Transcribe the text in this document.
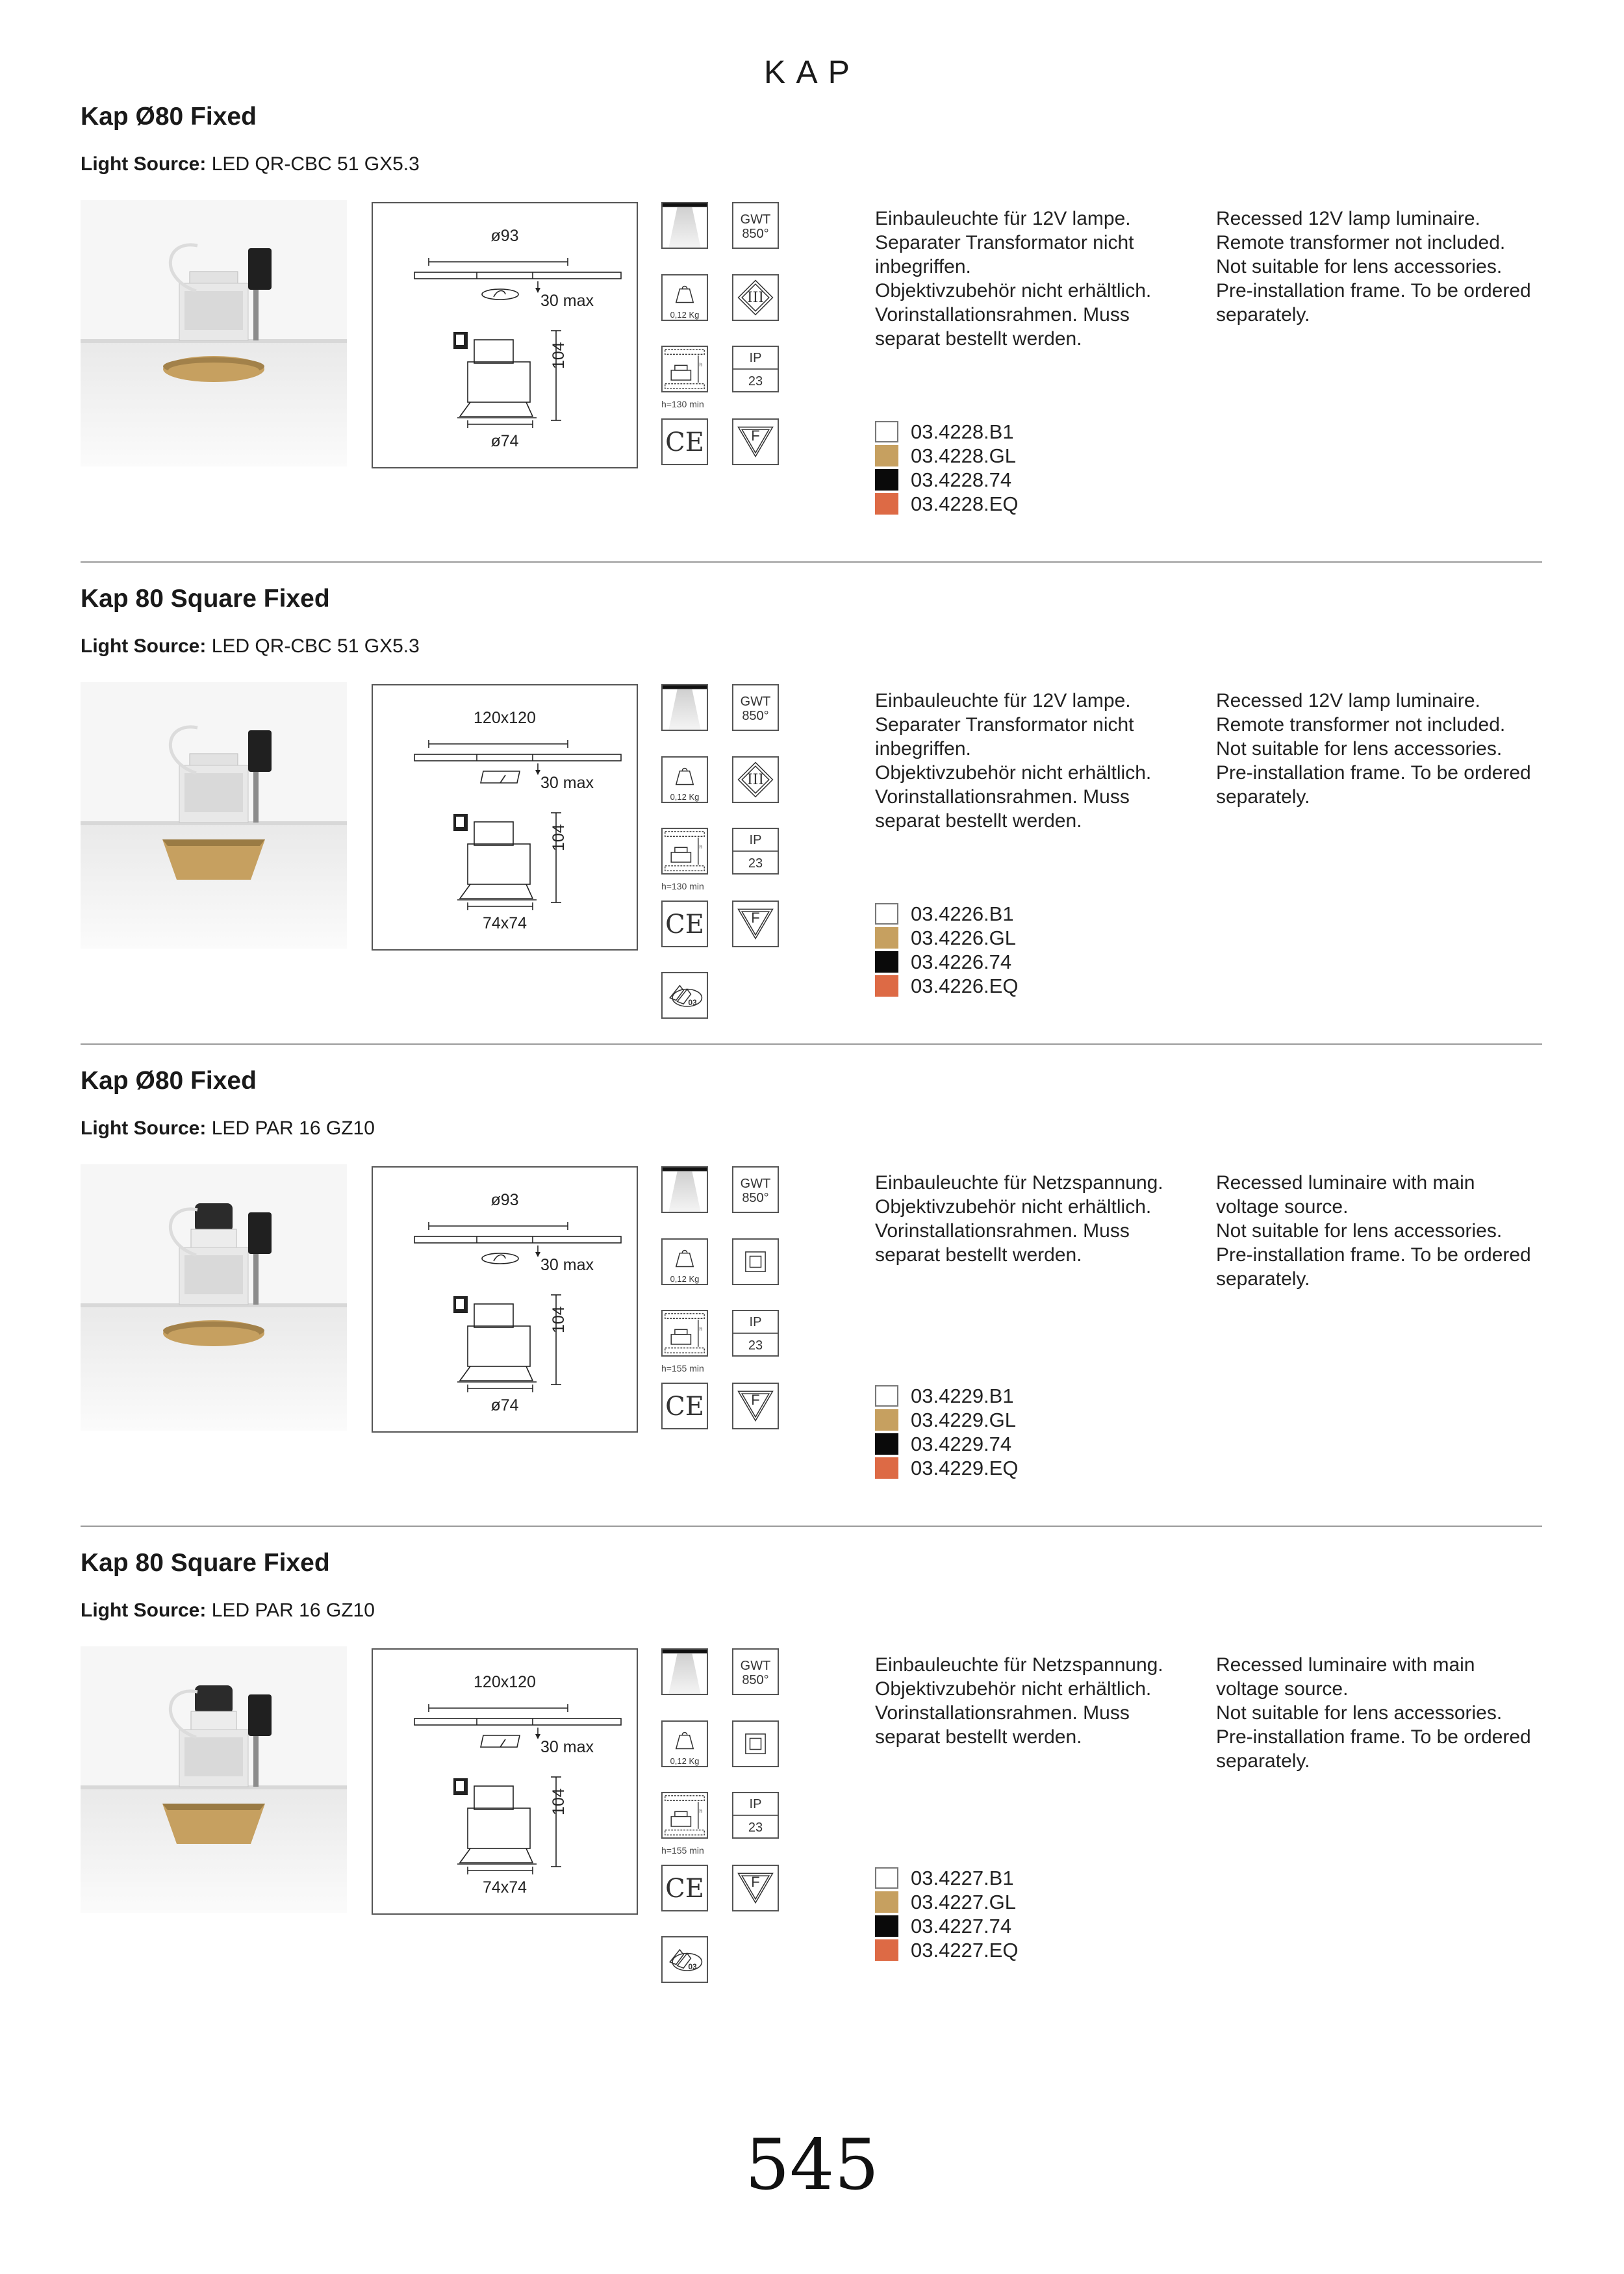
KAP
Kap Ø80 Fixed
Light Source: LED QR-CBC 51 GX5.3
ø93
30 max
104
ø74
GWT
850°
0,12 Kg
III
h	IP
23
CE	F
h=130 min
Einbauleuchte für 12V lampe.
Separater Transformator nicht
inbegriffen.
Objektivzubehör nicht erhältlich.
Vorinstallationsrahmen. Muss
separat bestellt werden.
Recessed 12V lamp luminaire.
Remote transformer not included.
Not suitable for lens accessories.
Pre-installation frame. To be ordered
separately.
03.4228.B1
03.4228.GL
03.4228.74
03.4228.EQ
Kap 80 Square Fixed
Light Source: LED QR-CBC 51 GX5.3
120x120
30 max
104
74x74
GWT
850°
0,12 Kg
III
h	IP
23
CE	F
03
h=130 min
Einbauleuchte für 12V lampe.
Separater Transformator nicht
inbegriffen.
Objektivzubehör nicht erhältlich.
Vorinstallationsrahmen. Muss
separat bestellt werden.
Recessed 12V lamp luminaire.
Remote transformer not included.
Not suitable for lens accessories.
Pre-installation frame. To be ordered
separately.
03.4226.B1
03.4226.GL
03.4226.74
03.4226.EQ
Kap Ø80 Fixed
Light Source: LED PAR 16 GZ10
ø93
30 max
104
ø74
GWT
850°
0,12 Kg
h	IP
23
CE	F
h=155 min
Einbauleuchte für Netzspannung.
Objektivzubehör nicht erhältlich.
Vorinstallationsrahmen. Muss
separat bestellt werden.
Recessed luminaire with main
voltage source.
Not suitable for lens accessories.
Pre-installation frame. To be ordered
separately.
03.4229.B1
03.4229.GL
03.4229.74
03.4229.EQ
Kap 80 Square Fixed
Light Source: LED PAR 16 GZ10
120x120
30 max
104
74x74
GWT
850°
0,12 Kg
h	IP
23
CE	F
03
h=155 min
Einbauleuchte für Netzspannung.
Objektivzubehör nicht erhältlich.
Vorinstallationsrahmen. Muss
separat bestellt werden.
Recessed luminaire with main
voltage source.
Not suitable for lens accessories.
Pre-installation frame. To be ordered
separately.
03.4227.B1
03.4227.GL
03.4227.74
03.4227.EQ
545
